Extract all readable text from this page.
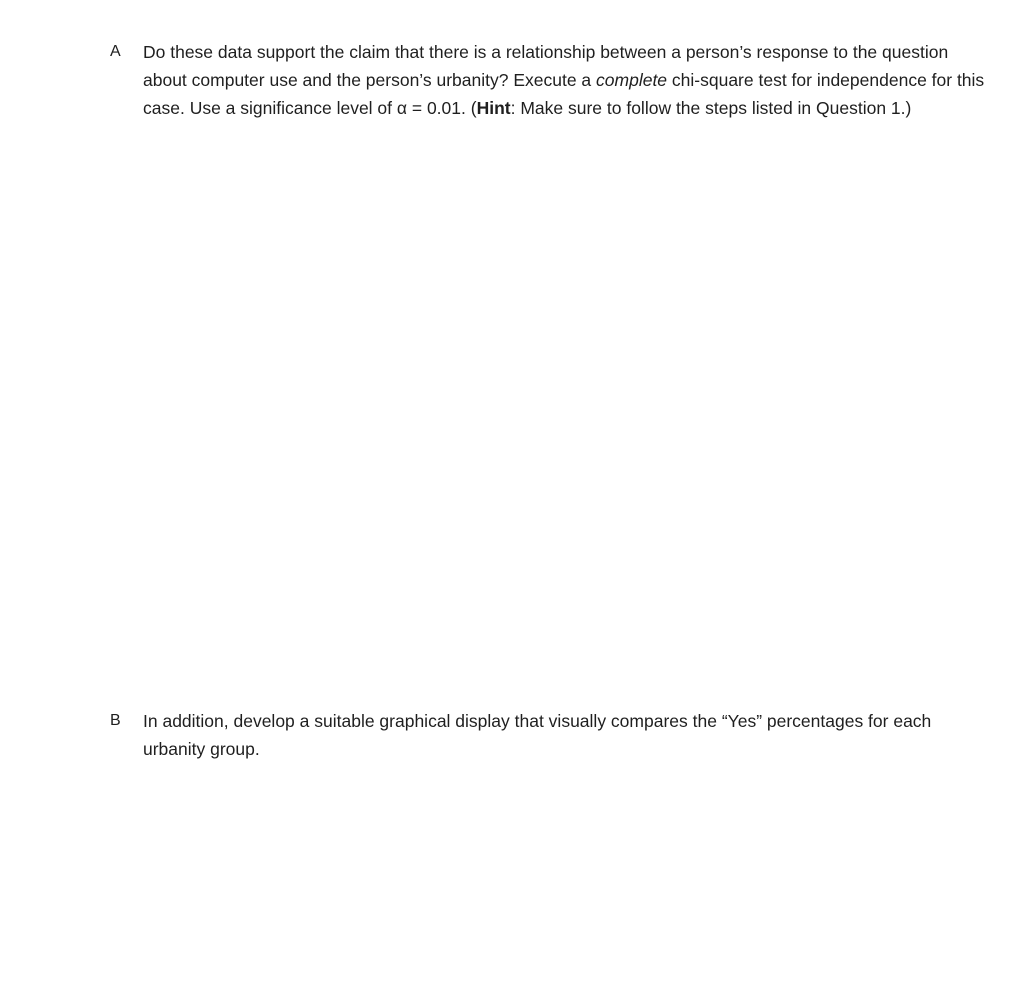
A	Do these data support the claim that there is a relationship between a person’s response to the question about computer use and the person’s urbanity? Execute a complete chi-square test for independence for this case. Use a significance level of α = 0.01. (Hint: Make sure to follow the steps listed in Question 1.)
B	In addition, develop a suitable graphical display that visually compares the “Yes” percentages for each urbanity group.
